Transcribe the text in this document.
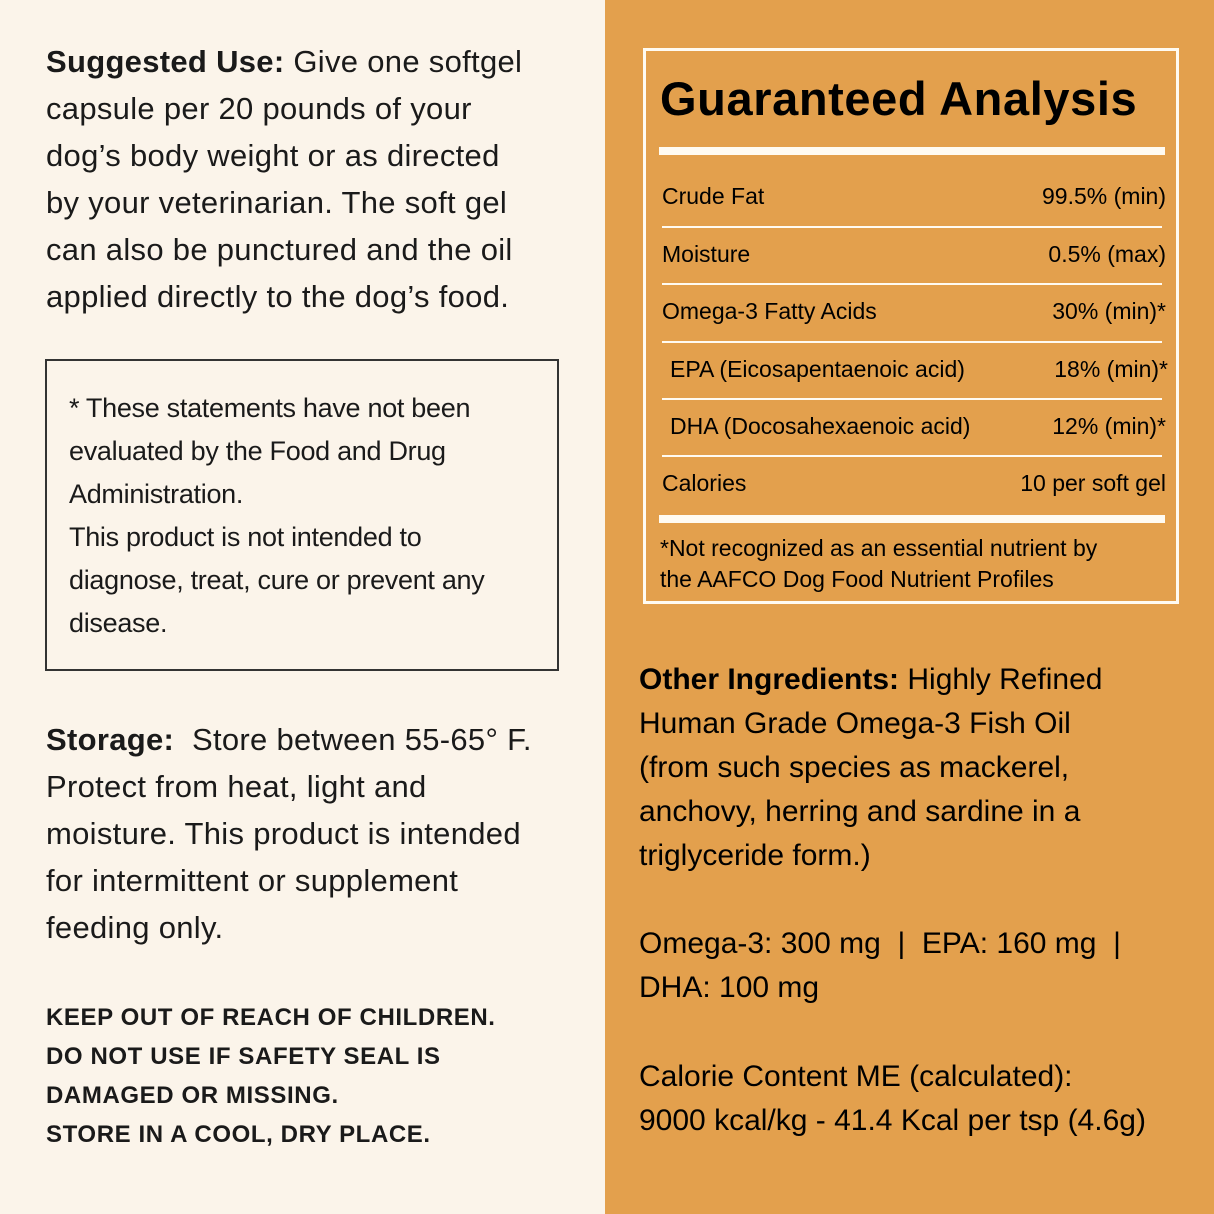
Suggested Use: Give one softgel
capsule per 20 pounds of your
dog’s body weight or as directed
by your veterinarian. The soft gel
can also be punctured and the oil
applied directly to the dog’s food.

* These statements have not been

evaluated by the Food and Drug

Administration.

This product is not intended to

diagnose, treat, cure or prevent any

disease.

Storage:  Store between 55-65° F.
Protect from heat, light and
moisture. This product is intended
for intermittent or supplement
feeding only.

KEEP OUT OF REACH OF CHILDREN.
DO NOT USE IF SAFETY SEAL IS
DAMAGED OR MISSING.
STORE IN A COOL, DRY PLACE.
Guaranteed Analysis
Crude Fat	99.5% (min)
Moisture	0.5% (max)
Omega-3 Fatty Acids	30% (min)*
EPA (Eicosapentaenoic acid)	18% (min)*
DHA (Docosahexaenoic acid)	12% (min)*
Calories	10 per soft gel
*Not recognized as an essential nutrient by
the AAFCO Dog Food Nutrient Profiles

Other Ingredients: Highly Refined
Human Grade Omega-3 Fish Oil
(from such species as mackerel,
anchovy, herring and sardine in a
triglyceride form.)

Omega-3: 300 mg  |  EPA: 160 mg  |
DHA: 100 mg

Calorie Content ME (calculated):
9000 kcal/kg - 41.4 Kcal per tsp (4.6g)
